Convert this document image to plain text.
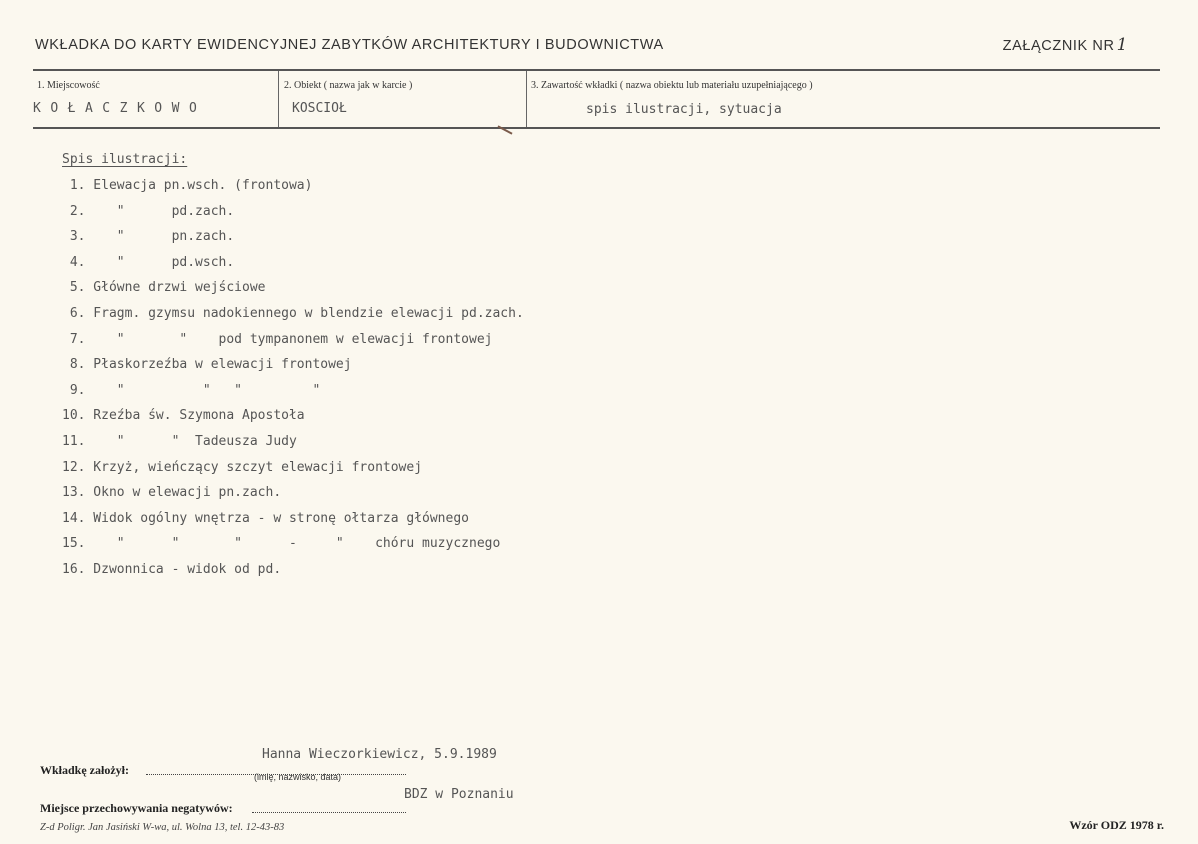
WKŁADKA DO KARTY EWIDENCYJNEJ ZABYTKÓW ARCHITEKTURY I BUDOWNICTWA	ZAŁĄCZNIK NR 1
1. Miejscowość	2. Obiekt ( nazwa jak w karcie )	3. Zawartość wkładki ( nazwa obiektu lub materiału uzupełniającego )
KOŁACZKOWO	KOSCIOŁ	spis ilustracji, sytuacja
Spis ilustracji:
1. Elewacja pn.wsch. (frontowa)
2.    "      pd.zach.
3.    "      pn.zach.
4.    "      pd.wsch.
5. Główne drzwi wejściowe
6. Fragm. gzymsu nadokiennego w blendzie elewacji pd.zach.
7.    "       "    pod tympanonem w elewacji frontowej
8. Płaskorzeźba w elewacji frontowej
9.    "          "   "         "
10. Rzeźba św. Szymona Apostoła
11.    "      "  Tadeusza Judy
12. Krzyż, wieńczący szczyt elewacji frontowej
13. Okno w elewacji pn.zach.
14. Widok ogólny wnętrza - w stronę ołtarza głównego
15.    "      "       "      -     "    chóru muzycznego
16. Dzwonnica - widok od pd.
Hanna Wieczorkiewicz, 5.9.1989
Wkładkę założył:	(imię, nazwisko, data)
BDZ w Poznaniu
Miejsce przechowywania negatywów:
Z-d Poligr. Jan Jasiński W-wa, ul. Wolna 13, tel. 12-43-83	Wzór ODZ 1978 r.
